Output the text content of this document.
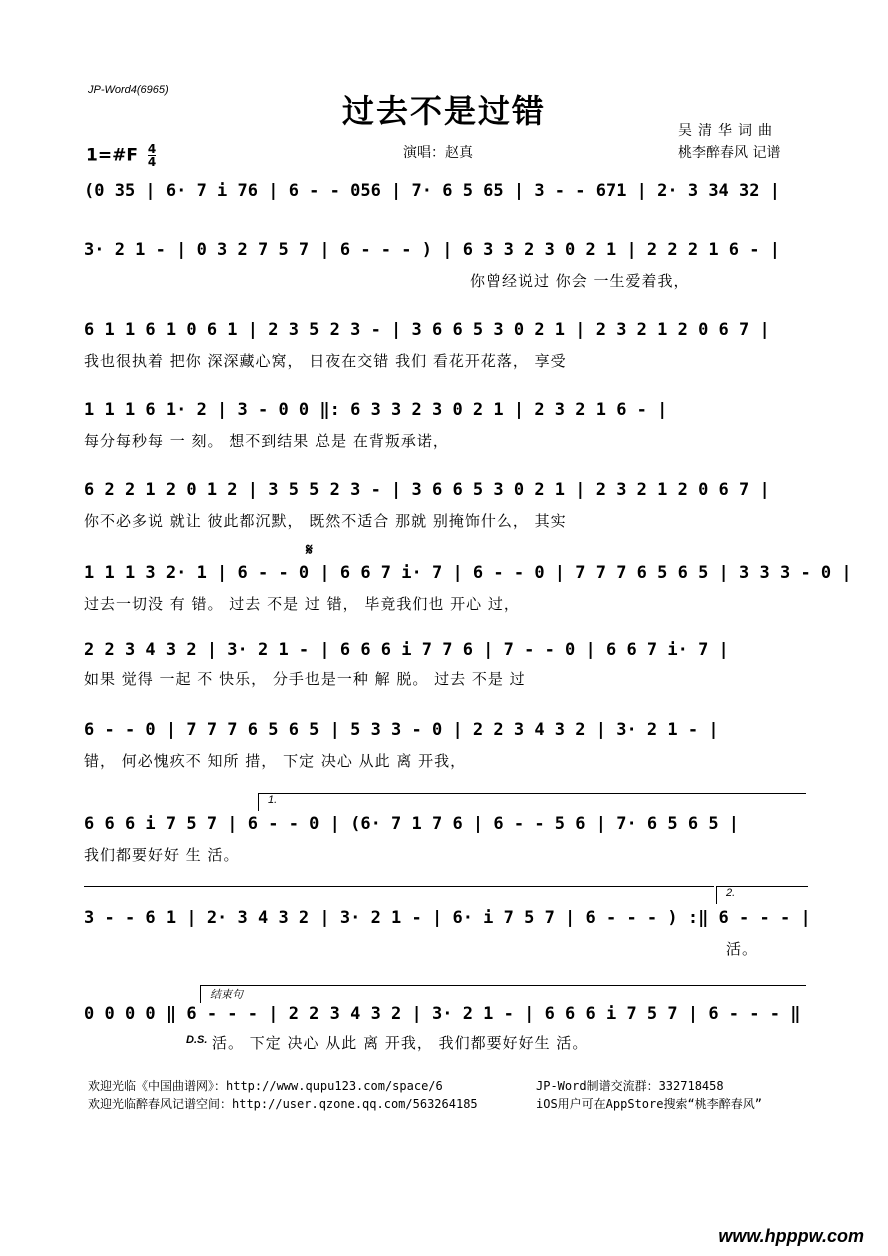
JP-Word4(6965)
过去不是过错
吴清华词曲
桃李醉春风 记谱
演唱：赵真
1=#F $\frac{4}{4}$
(0 35 | 6· 7 i 76 | 6 - - 056 | 7· 6 5 65 | 3 - - 671 | 2· 3 34 32 |
3· 2 1 - | 0 3 2 7 5 7 | 6 - - - ) | 6 3 3 2 3 0 2 1 | 2 2 2 1 6 - |
你曾经说过 你会 一生爱着我，
6 1 1 6 1 0 6 1 | 2 3 5 2 3 - | 3 6 6 5 3 0 2 1 | 2 3 2 1 2 0 6 7 |
我也很执着 把你 深深藏心窝， 日夜在交错 我们 看花开花落， 享受
1 1 1 6 1· 2 | 3 - 0 0 ‖: 6 3 3 2 3 0 2 1 | 2 3 2 1 6 - |
每分每秒每 一 刻。 想不到结果 总是 在背叛承诺，
6 2 2 1 2 0 1 2 | 3 5 5 2 3 - | 3 6 6 5 3 0 2 1 | 2 3 2 1 2 0 6 7 |
你不必多说 就让 彼此都沉默， 既然不适合 那就 别掩饰什么， 其实
𝄋
1 1 1 3 2· 1 | 6 - - 0 | 6 6 7 i· 7 | 6 - - 0 | 7 7 7 6 5 6 5 | 3 3 3 - 0 |
过去一切没 有 错。 过去 不是 过 错， 毕竟我们也 开心 过，
2 2 3 4 3 2 | 3· 2 1 - | 6 6 6 i 7 7 6 | 7 - - 0 | 6 6 7 i· 7 |
如果 觉得 一起 不 快乐， 分手也是一种 解 脱。 过去 不是 过
6 - - 0 | 7 7 7 6 5 6 5 | 5 3 3 - 0 | 2 2 3 4 3 2 | 3· 2 1 - |
错， 何必愧疚不 知所 措， 下定 决心 从此 离 开我，
1.
6 6 6 i 7 5 7 | 6 - - 0 | (6· 7 1 7 6 | 6 - - 5 6 | 7· 6 5 6 5 |
我们都要好好 生 活。
2.
3 - - 6 1 | 2· 3 4 3 2 | 3· 2 1 - | 6· i 7 5 7 | 6 - - - ) :‖ 6 - - - |
活。
结束句
0 0 0 0 ‖ 6 - - - | 2 2 3 4 3 2 | 3· 2 1 - | 6 6 6 i 7 5 7 | 6 - - - ‖
D.S. 活。 下定 决心 从此 离 开我， 我们都要好好生 活。
欢迎光临《中国曲谱网》：http://www.qupu123.com/space/6	JP-Word制谱交流群：332718458
欢迎光临醉春风记谱空间：http://user.qzone.qq.com/563264185	iOS用户可在AppStore搜索“桃李醉春风”
www.hpppw.com
